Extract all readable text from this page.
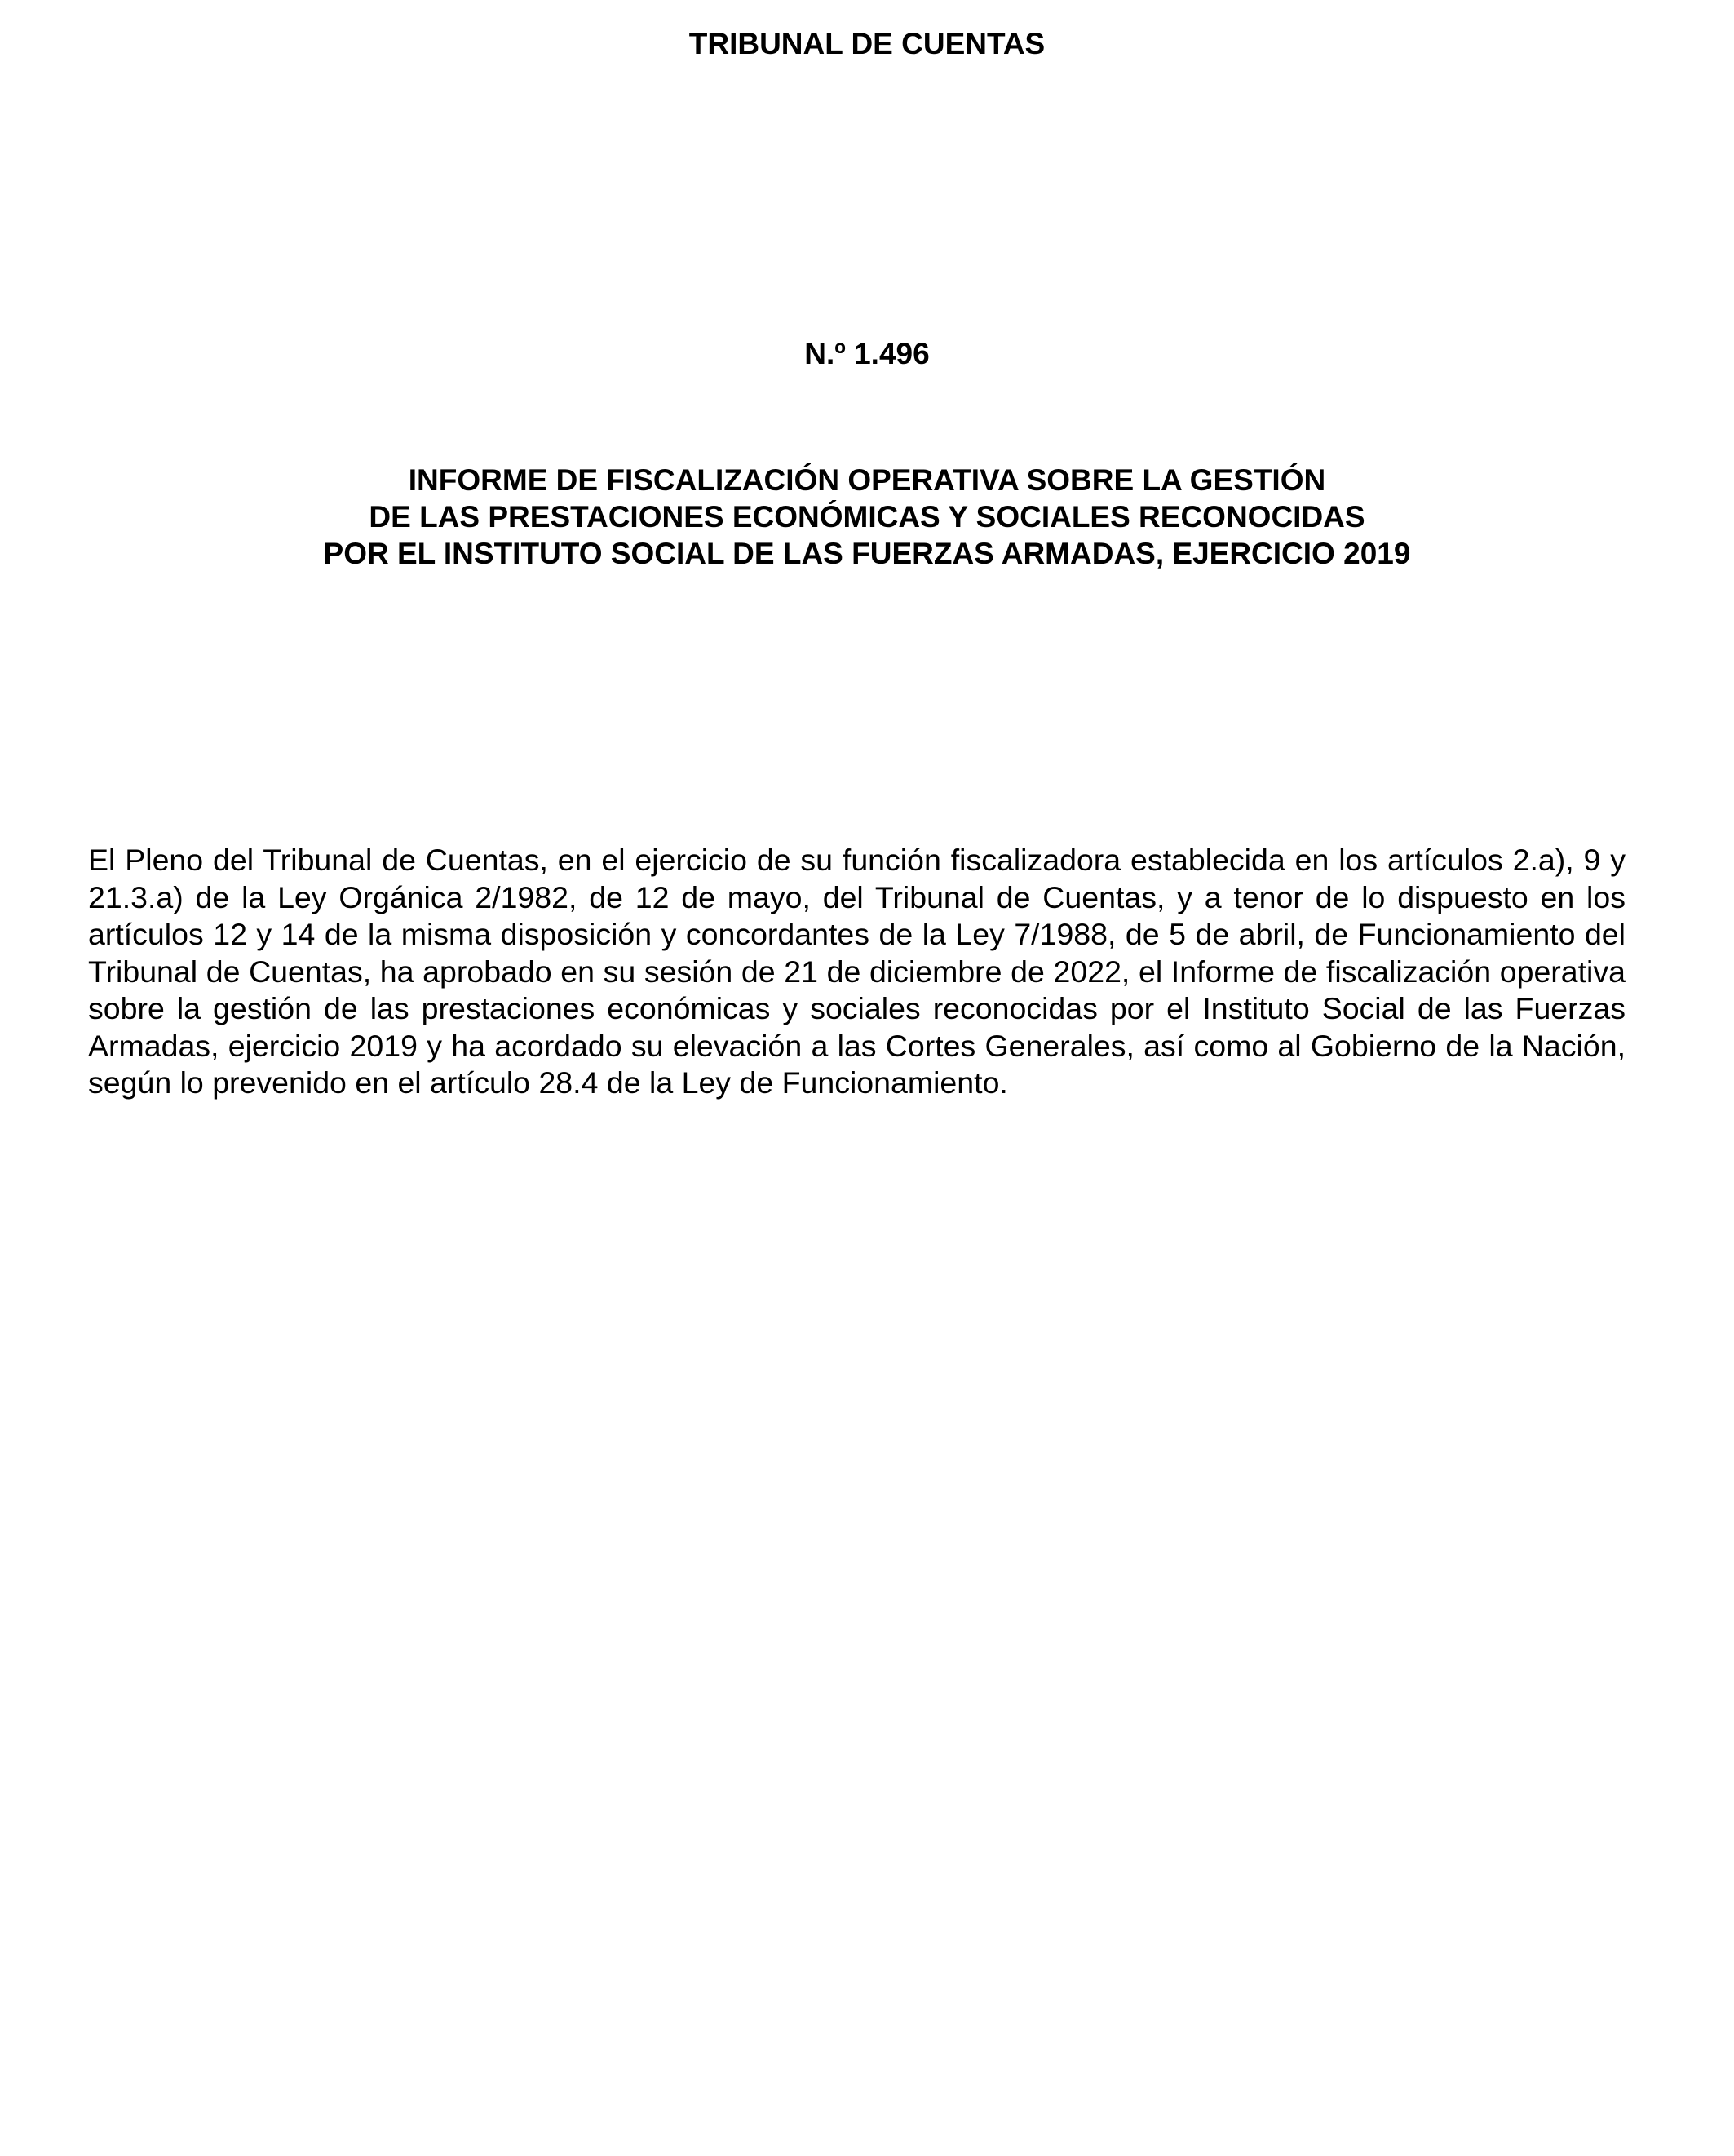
TRIBUNAL DE CUENTAS
N.º 1.496
INFORME DE FISCALIZACIÓN OPERATIVA SOBRE LA GESTIÓN
DE LAS PRESTACIONES ECONÓMICAS Y SOCIALES RECONOCIDAS
POR EL INSTITUTO SOCIAL DE LAS FUERZAS ARMADAS, EJERCICIO 2019

El Pleno del Tribunal de Cuentas, en el ejercicio de su función fiscalizadora establecida en los artículos 2.a), 9 y 21.3.a) de la Ley Orgánica 2/1982, de 12 de mayo, del Tribunal de Cuentas, y a tenor de lo dispuesto en los artículos 12 y 14 de la misma disposición y concordantes de la Ley 7/1988, de 5 de abril, de Funcionamiento del Tribunal de Cuentas, ha aprobado en su sesión de 21 de diciembre de 2022, el Informe de fiscalización operativa sobre la gestión de las prestaciones económicas y sociales reconocidas por el Instituto Social de las Fuerzas Armadas, ejercicio 2019 y ha acordado su elevación a las Cortes Generales, así como al Gobierno de la Nación, según lo prevenido en el artículo 28.4 de la Ley de Funcionamiento.
